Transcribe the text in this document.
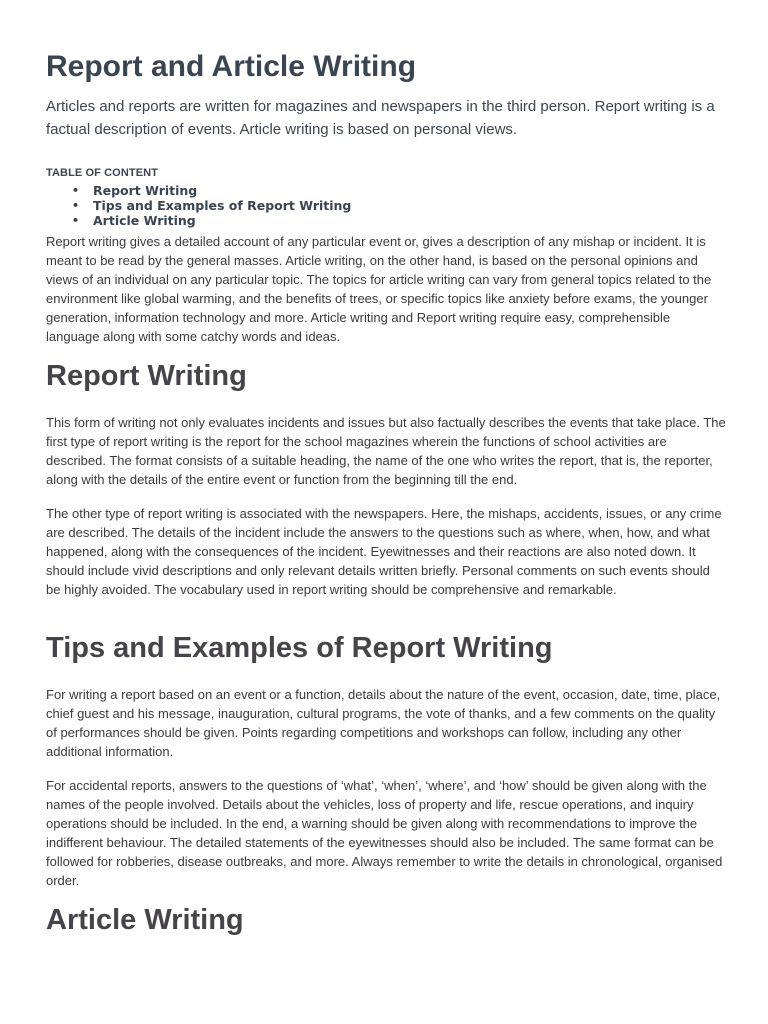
Report and Article Writing

Articles and reports are written for magazines and newspapers in the third person. Report writing is a factual description of events. Article writing is based on personal views.

TABLE OF CONTENT
• Report Writing
• Tips and Examples of Report Writing
• Article Writing

Report writing gives a detailed account of any particular event or, gives a description of any mishap or incident. It is meant to be read by the general masses. Article writing, on the other hand, is based on the personal opinions and views of an individual on any particular topic. The topics for article writing can vary from general topics related to the environment like global warming, and the benefits of trees, or specific topics like anxiety before exams, the younger generation, information technology and more. Article writing and Report writing require easy, comprehensible language along with some catchy words and ideas.

Report Writing

This form of writing not only evaluates incidents and issues but also factually describes the events that take place. The first type of report writing is the report for the school magazines wherein the functions of school activities are described. The format consists of a suitable heading, the name of the one who writes the report, that is, the reporter, along with the details of the entire event or function from the beginning till the end.

The other type of report writing is associated with the newspapers. Here, the mishaps, accidents, issues, or any crime are described. The details of the incident include the answers to the questions such as where, when, how, and what happened, along with the consequences of the incident. Eyewitnesses and their reactions are also noted down. It should include vivid descriptions and only relevant details written briefly. Personal comments on such events should be highly avoided. The vocabulary used in report writing should be comprehensive and remarkable.

Tips and Examples of Report Writing

For writing a report based on an event or a function, details about the nature of the event, occasion, date, time, place, chief guest and his message, inauguration, cultural programs, the vote of thanks, and a few comments on the quality of performances should be given. Points regarding competitions and workshops can follow, including any other additional information.

For accidental reports, answers to the questions of ‘what’, ‘when’, ‘where’, and ‘how’ should be given along with the names of the people involved. Details about the vehicles, loss of property and life, rescue operations, and inquiry operations should be included. In the end, a warning should be given along with recommendations to improve the indifferent behaviour. The detailed statements of the eyewitnesses should also be included. The same format can be followed for robberies, disease outbreaks, and more. Always remember to write the details in chronological, organised order.

Article Writing
